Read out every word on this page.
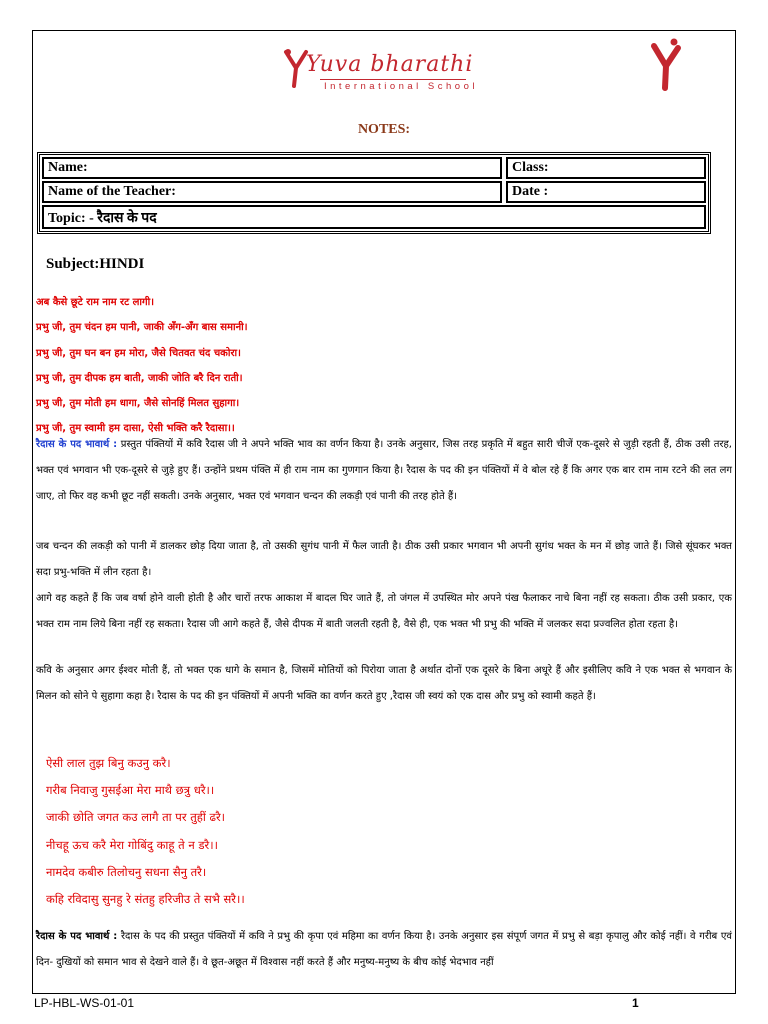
Yuva bharathi
International School
NOTES:
Name:	Class:
Name of the Teacher:	Date :
Topic: - रैदास के पद
Subject:HINDI
अब कैसे छूटे राम नाम रट लागी।
प्रभु जी, तुम चंदन हम पानी, जाकी अँग-अँग बास समानी।
प्रभु जी, तुम घन बन हम मोरा, जैसे चितवत चंद चकोरा।
प्रभु जी, तुम दीपक हम बाती, जाकी जोति बरै दिन राती।
प्रभु जी, तुम मोती हम धागा, जैसे सोनहिं मिलत सुहागा।
प्रभु जी, तुम स्वामी हम दासा, ऐसी भक्ति करै रैदासा।।
रैदास के पद भावार्थ : प्रस्तुत पंक्तियों में कवि रैदास जी ने अपने भक्ति भाव का वर्णन किया है। उनके अनुसार, जिस तरह प्रकृति में बहुत सारी चीजें एक-दूसरे से जुड़ी रहती हैं, ठीक उसी तरह, भक्त एवं भगवान भी एक-दूसरे से जुड़े हुए हैं। उन्होंने प्रथम पंक्ति में ही राम नाम का गुणगान किया है। रैदास के पद की इन पंक्तियों में वे बोल रहे हैं कि अगर एक बार राम नाम रटने की लत लग जाए, तो फिर वह कभी छूट नहीं सकती। उनके अनुसार, भक्त एवं भगवान चन्दन की लकड़ी एवं पानी की तरह होते हैं।
जब चन्दन की लकड़ी को पानी में डालकर छोड़ दिया जाता है, तो उसकी सुगंध पानी में फैल जाती है। ठीक उसी प्रकार भगवान भी अपनी सुगंध भक्त के मन में छोड़ जाते हैं। जिसे सूंघकर भक्त सदा प्रभु-भक्ति में लीन रहता है।
आगे वह कहते हैं कि जब वर्षा होने वाली होती है और चारों तरफ आकाश में बादल घिर जाते हैं, तो जंगल में उपस्थित मोर अपने पंख फैलाकर नाचे बिना नहीं रह सकता। ठीक उसी प्रकार, एक भक्त राम नाम लिये बिना नहीं रह सकता। रैदास जी आगे कहते हैं, जैसे दीपक में बाती जलती रहती है, वैसे ही, एक भक्त भी प्रभु की भक्ति में जलकर सदा प्रज्वलित होता रहता है।
कवि के अनुसार अगर ईश्वर मोती हैं, तो भक्त एक धागे के समान है, जिसमें मोतियों को पिरोया जाता है अर्थात दोनों एक दूसरे के बिना अधूरे हैं और इसीलिए कवि ने एक भक्त से भगवान के मिलन को सोने पे सुहागा कहा है। रैदास के पद की इन पंक्तियों में अपनी भक्ति का वर्णन करते हुए ,रैदास जी स्वयं को एक दास और प्रभु को स्वामी कहते हैं।
ऐसी लाल तुझ बिनु कउनु करै।
गरीब निवाजु गुसईआ मेरा माथै छत्रु धरै।।
जाकी छोति जगत कउ लागै ता पर तुहीं ढरै।
नीचहू ऊच करै मेरा गोबिंदु काहू ते न डरै।।
नामदेव कबीरु तिलोचनु सधना सैनु तरै।
कहि रविदासु सुनहु रे संतहु हरिजीउ ते सभै सरै।।
रैदास के पद भावार्थ : रैदास के पद की प्रस्तुत पंक्तियों में कवि ने प्रभु की कृपा एवं महिमा का वर्णन किया है। उनके अनुसार इस संपूर्ण जगत में प्रभु से बड़ा कृपालु और कोई नहीं। वे गरीब एवं दिन- दुखियों को समान भाव से देखने वाले हैं। वे छूत-अछूत में विश्वास नहीं करते हैं और मनुष्य-मनुष्य के बीच कोई भेदभाव नहीं
LP-HBL-WS-01-01	1
